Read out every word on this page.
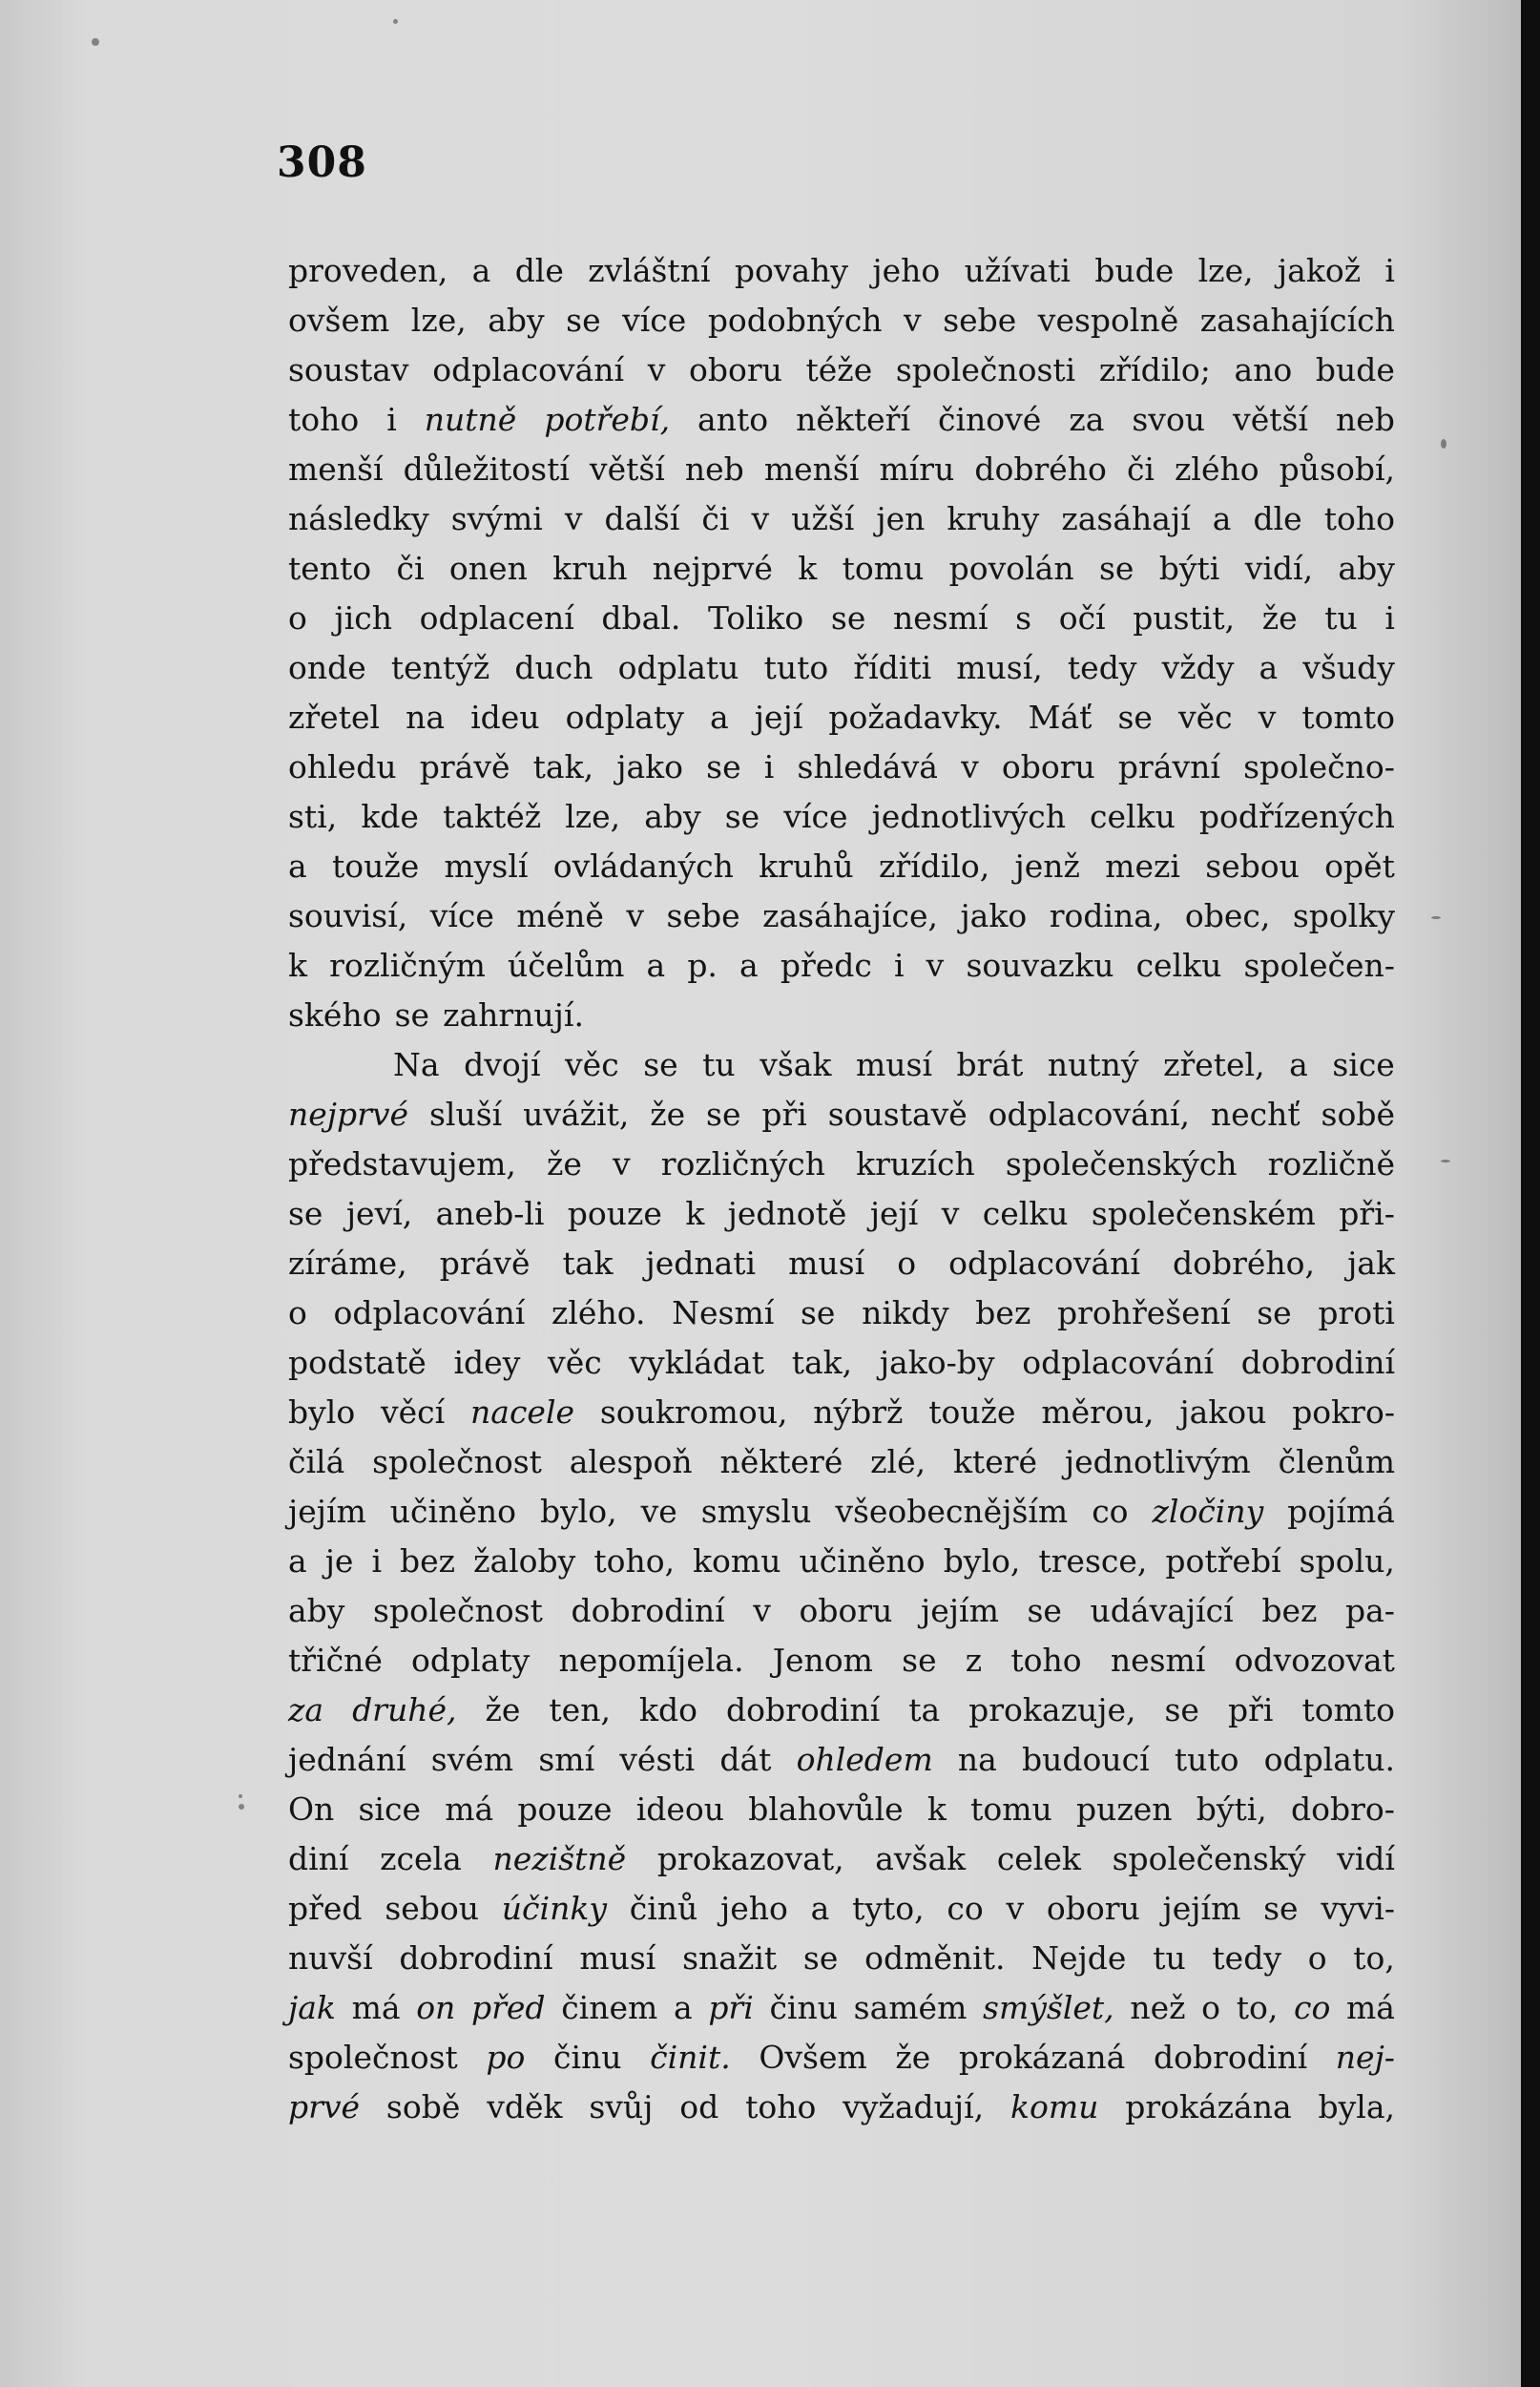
308
proveden, a dle zvláštní povahy jeho užívati bude lze, jakož i
ovšem lze, aby se více podobných v sebe vespolně zasahajících
soustav odplacování v oboru téže společnosti zřídilo; ano bude
toho i nutně potřebí, anto někteří činové za svou větší neb
menší důležitostí větší neb menší míru dobrého či zlého působí,
následky svými v další či v užší jen kruhy zasáhají a dle toho
tento či onen kruh nejprvé k tomu povolán se býti vidí, aby
o jich odplacení dbal. Toliko se nesmí s očí pustit, že tu i
onde tentýž duch odplatu tuto říditi musí, tedy vždy a všudy
zřetel na ideu odplaty a její požadavky. Máť se věc v tomto
ohledu právě tak, jako se i shledává v oboru právní společno-
sti, kde taktéž lze, aby se více jednotlivých celku podřízených
a touže myslí ovládaných kruhů zřídilo, jenž mezi sebou opět
souvisí, více méně v sebe zasáhajíce, jako rodina, obec, spolky
k rozličným účelům a p. a předc i v souvazku celku společen-
ského se zahrnují.
Na dvojí věc se tu však musí brát nutný zřetel, a sice
nejprvé sluší uvážit, že se při soustavě odplacování, nechť sobě
představujem, že v rozličných kruzích společenských rozličně
se jeví, aneb-li pouze k jednotě její v celku společenském při-
zíráme, právě tak jednati musí o odplacování dobrého, jak
o odplacování zlého. Nesmí se nikdy bez prohřešení se proti
podstatě idey věc vykládat tak, jako-by odplacování dobrodiní
bylo věcí nacele soukromou, nýbrž touže měrou, jakou pokro-
čilá společnost alespoň některé zlé, které jednotlivým členům
jejím učiněno bylo, ve smyslu všeobecnějším co zločiny pojímá
a je i bez žaloby toho, komu učiněno bylo, tresce, potřebí spolu,
aby společnost dobrodiní v oboru jejím se udávající bez pa-
třičné odplaty nepomíjela. Jenom se z toho nesmí odvozovat
za druhé, že ten, kdo dobrodiní ta prokazuje, se při tomto
jednání svém smí vésti dát ohledem na budoucí tuto odplatu.
On sice má pouze ideou blahovůle k tomu puzen býti, dobro-
diní zcela nezištně prokazovat, avšak celek společenský vidí
před sebou účinky činů jeho a tyto, co v oboru jejím se vyvi-
nuvší dobrodiní musí snažit se odměnit. Nejde tu tedy o to,
jak má on před činem a při činu samém smýšlet, než o to, co má
společnost po činu činit. Ovšem že prokázaná dobrodiní nej-
prvé sobě vděk svůj od toho vyžadují, komu prokázána byla,
